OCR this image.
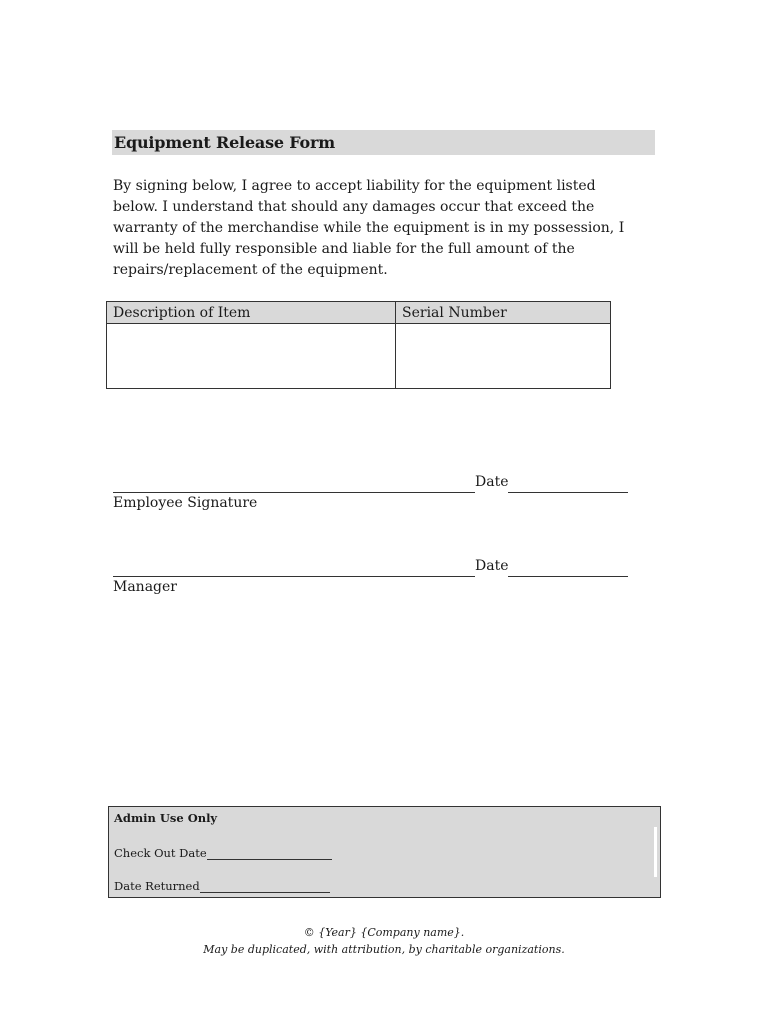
Equipment Release Form

By signing below, I agree to accept liability for the equipment listed below. I understand that should any damages occur that exceed the warranty of the merchandise while the equipment is in my possession, I will be held fully responsible and liable for the full amount of the repairs/replacement of the equipment.

Description of Item	Serial Number

Date
Employee Signature
Date
Manager
Admin Use Only
Check Out Date
Date Returned
© {Year} {Company name}.
May be duplicated, with attribution, by charitable organizations.
